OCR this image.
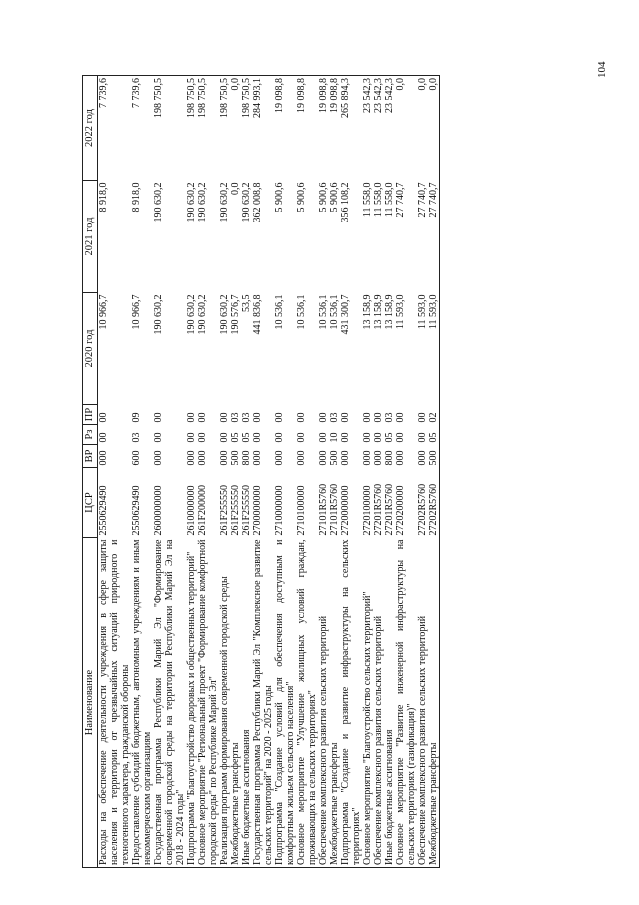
104
Наименование	ЦСР	ВР	Рз	ПР	2020 год	2021 год	2022 год
Расходы на обеспечение деятельности учреждения в сфере защиты населения и территории от чрезвычайных ситуаций природного и техногенного характера, гражданской обороны	2550629490	000	00	00	10 966,7	8 918,0	7 739,6
Предоставление субсидий бюджетным, автономным учреждениям и иным некоммерческим организациям	2550629490	600	03	09	10 966,7	8 918,0	7 739,6
Государственная программа Республики Марий Эл "Формирование современной городской среды на территории Республики Марий Эл на 2018 - 2024 годы"	2600000000	000	00	00	190 630,2	190 630,2	198 750,5
Подпрограмма "Благоустройство дворовых и общественных территорий"	2610000000	000	00	00	190 630,2	190 630,2	198 750,5
Основное мероприятие "Региональный проект "Формирование комфортной городской среды" по Республике Марий Эл"	261F200000	000	00	00	190 630,2	190 630,2	198 750,5
Реализация программ формирования современной городской среды	261F255550	000	00	00	190 630,2	190 630,2	198 750,5
Межбюджетные трансферты	261F255550	500	05	03	190 576,7	0,0	0,0
Иные бюджетные ассигнования	261F255550	800	05	03	53,5	190 630,2	198 750,5
Государственная программа Республики Марий Эл "Комплексное развитие сельских территорий" на 2020 - 2025 годы	2700000000	000	00	00	441 836,8	362 008,8	284 993,1
Подпрограмма "Создание условий для обеспечения доступным и комфортным жильем сельского населения"	2710000000	000	00	00	10 536,1	5 900,6	19 098,8
Основное мероприятие "Улучшение жилищных условий граждан, проживающих на сельских территориях"	2710100000	000	00	00	10 536,1	5 900,6	19 098,8
Обеспечение комплексного развития сельских территорий	27101R5760	000	00	00	10 536,1	5 900,6	19 098,8
Межбюджетные трансферты	27101R5760	500	10	03	10 536,1	5 900,6	19 098,8
Подпрограмма "Создание и развитие инфраструктуры на сельских территориях"	2720000000	000	00	00	431 300,7	356 108,2	265 894,3
Основное мероприятие "Благоустройство сельских территорий"	2720100000	000	00	00	13 158,9	11 558,0	23 542,3
Обеспечение комплексного развития сельских территорий	27201R5760	000	00	00	13 158,9	11 558,0	23 542,3
Иные бюджетные ассигнования	27201R5760	800	05	03	13 158,9	11 558,0	23 542,3
Основное мероприятие "Развитие инженерной инфраструктуры на сельских территориях (газификация)"	2720200000	000	00	00	11 593,0	27 740,7	0,0
Обеспечение комплексного развития сельских территорий	27202R5760	000	00	00	11 593,0	27 740,7	0,0
Межбюджетные трансферты	27202R5760	500	05	02	11 593,0	27 740,7	0,0
